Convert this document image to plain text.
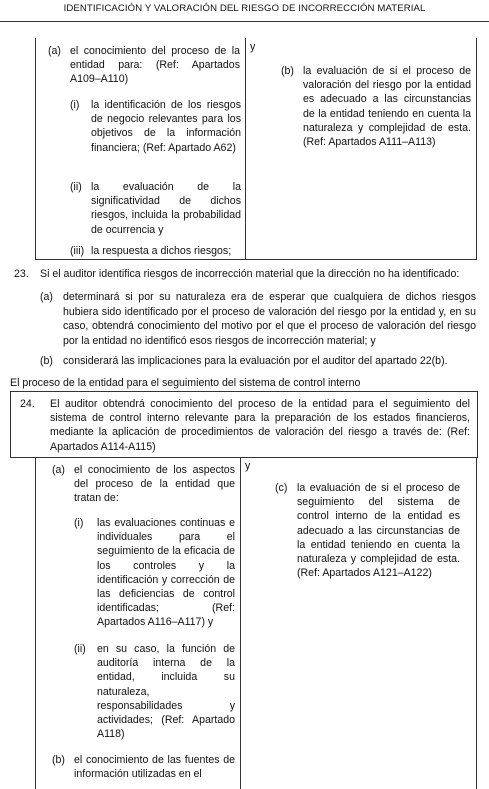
IDENTIFICACIÓN Y VALORACIÓN DEL RIESGO DE INCORRECCIÓN MATERIAL
(a) el conocimiento del proceso de la entidad para: (Ref: Apartados A109–A110)

(i) la identificación de los riesgos de negocio relevantes para los objetivos de la información financiera; (Ref: Apartado A62)

(ii) la evaluación de la significatividad de dichos riesgos, incluida la probabilidad de ocurrencia y

(iii) la respuesta a dichos riesgos;

y
(b) la evaluación de si el proceso de valoración del riesgo por la entidad es adecuado a las circunstancias de la entidad teniendo en cuenta la naturaleza y complejidad de esta. (Ref: Apartados A111–A113)

23. Si el auditor identifica riesgos de incorrección material que la dirección no ha identificado:

(a) determinará si por su naturaleza era de esperar que cualquiera de dichos riesgos hubiera sido identificado por el proceso de valoración del riesgo por la entidad y, en su caso, obtendrá conocimiento del motivo por el que el proceso de valoración del riesgo por la entidad no identificó esos riesgos de incorrección material; y

(b) considerará las implicaciones para la evaluación por el auditor del apartado 22(b).

El proceso de la entidad para el seguimiento del sistema de control interno

24. El auditor obtendrá conocimiento del proceso de la entidad para el seguimiento del sistema de control interno relevante para la preparación de los estados financieros, mediante la aplicación de procedimientos de valoración del riesgo a través de: (Ref: Apartados A114-A115)

(a) el conocimiento de los aspectos del proceso de la entidad que tratan de:

(i) las evaluaciones continuas e individuales para el seguimiento de la eficacia de los controles y la identificación y corrección de las deficiencias de control identificadas; (Ref: Apartados A116–A117) y

(ii) en su caso, la función de auditoría interna de la entidad, incluida su naturaleza, responsabilidades y actividades; (Ref: Apartado A118)

(b) el conocimiento de las fuentes de información utilizadas en el

y
(c) la evaluación de si el proceso de seguimiento del sistema de control interno de la entidad es adecuado a las circunstancias de la entidad teniendo en cuenta la naturaleza y complejidad de esta. (Ref: Apartados A121–A122)
